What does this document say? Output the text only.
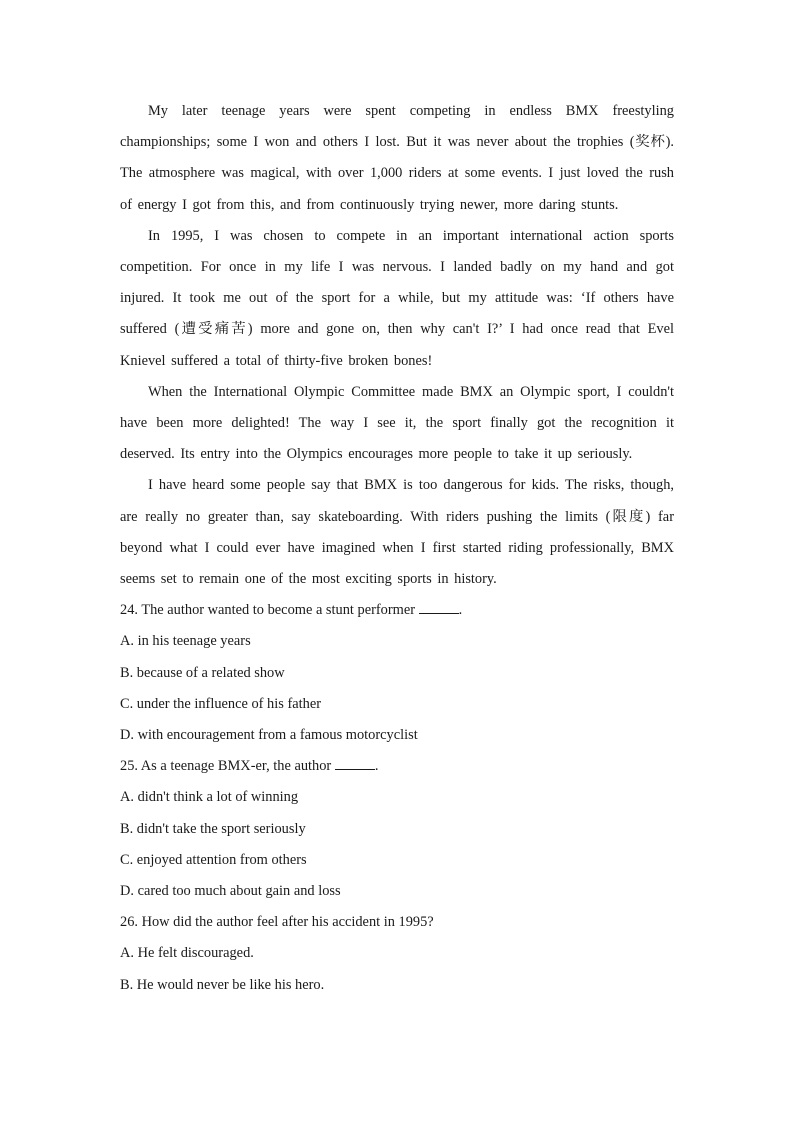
My later teenage years were spent competing in endless BMX freestyling championships; some I won and others I lost. But it was never about the trophies (奖杯). The atmosphere was magical, with over 1,000 riders at some events. I just loved the rush of energy I got from this, and from continuously trying newer, more daring stunts.

In 1995, I was chosen to compete in an important international action sports competition. For once in my life I was nervous. I landed badly on my hand and got injured. It took me out of the sport for a while, but my attitude was: ‘If others have suffered (遭受痛苦) more and gone on, then why can't I?’ I had once read that Evel Knievel suffered a total of thirty-five broken bones!

When the International Olympic Committee made BMX an Olympic sport, I couldn't have been more delighted! The way I see it, the sport finally got the recognition it deserved. Its entry into the Olympics encourages more people to take it up seriously.

I have heard some people say that BMX is too dangerous for kids. The risks, though, are really no greater than, say skateboarding. With riders pushing the limits (限度) far beyond what I could ever have imagined when I first started riding professionally, BMX seems set to remain one of the most exciting sports in history.

24. The author wanted to become a stunt performer	.

A. in his teenage years

B. because of a related show

C. under the influence of his father

D. with encouragement from a famous motorcyclist

25. As a teenage BMX-er, the author	.

A. didn't think a lot of winning

B. didn't take the sport seriously

C. enjoyed attention from others

D. cared too much about gain and loss

26. How did the author feel after his accident in 1995?

A. He felt discouraged.

B. He would never be like his hero.
